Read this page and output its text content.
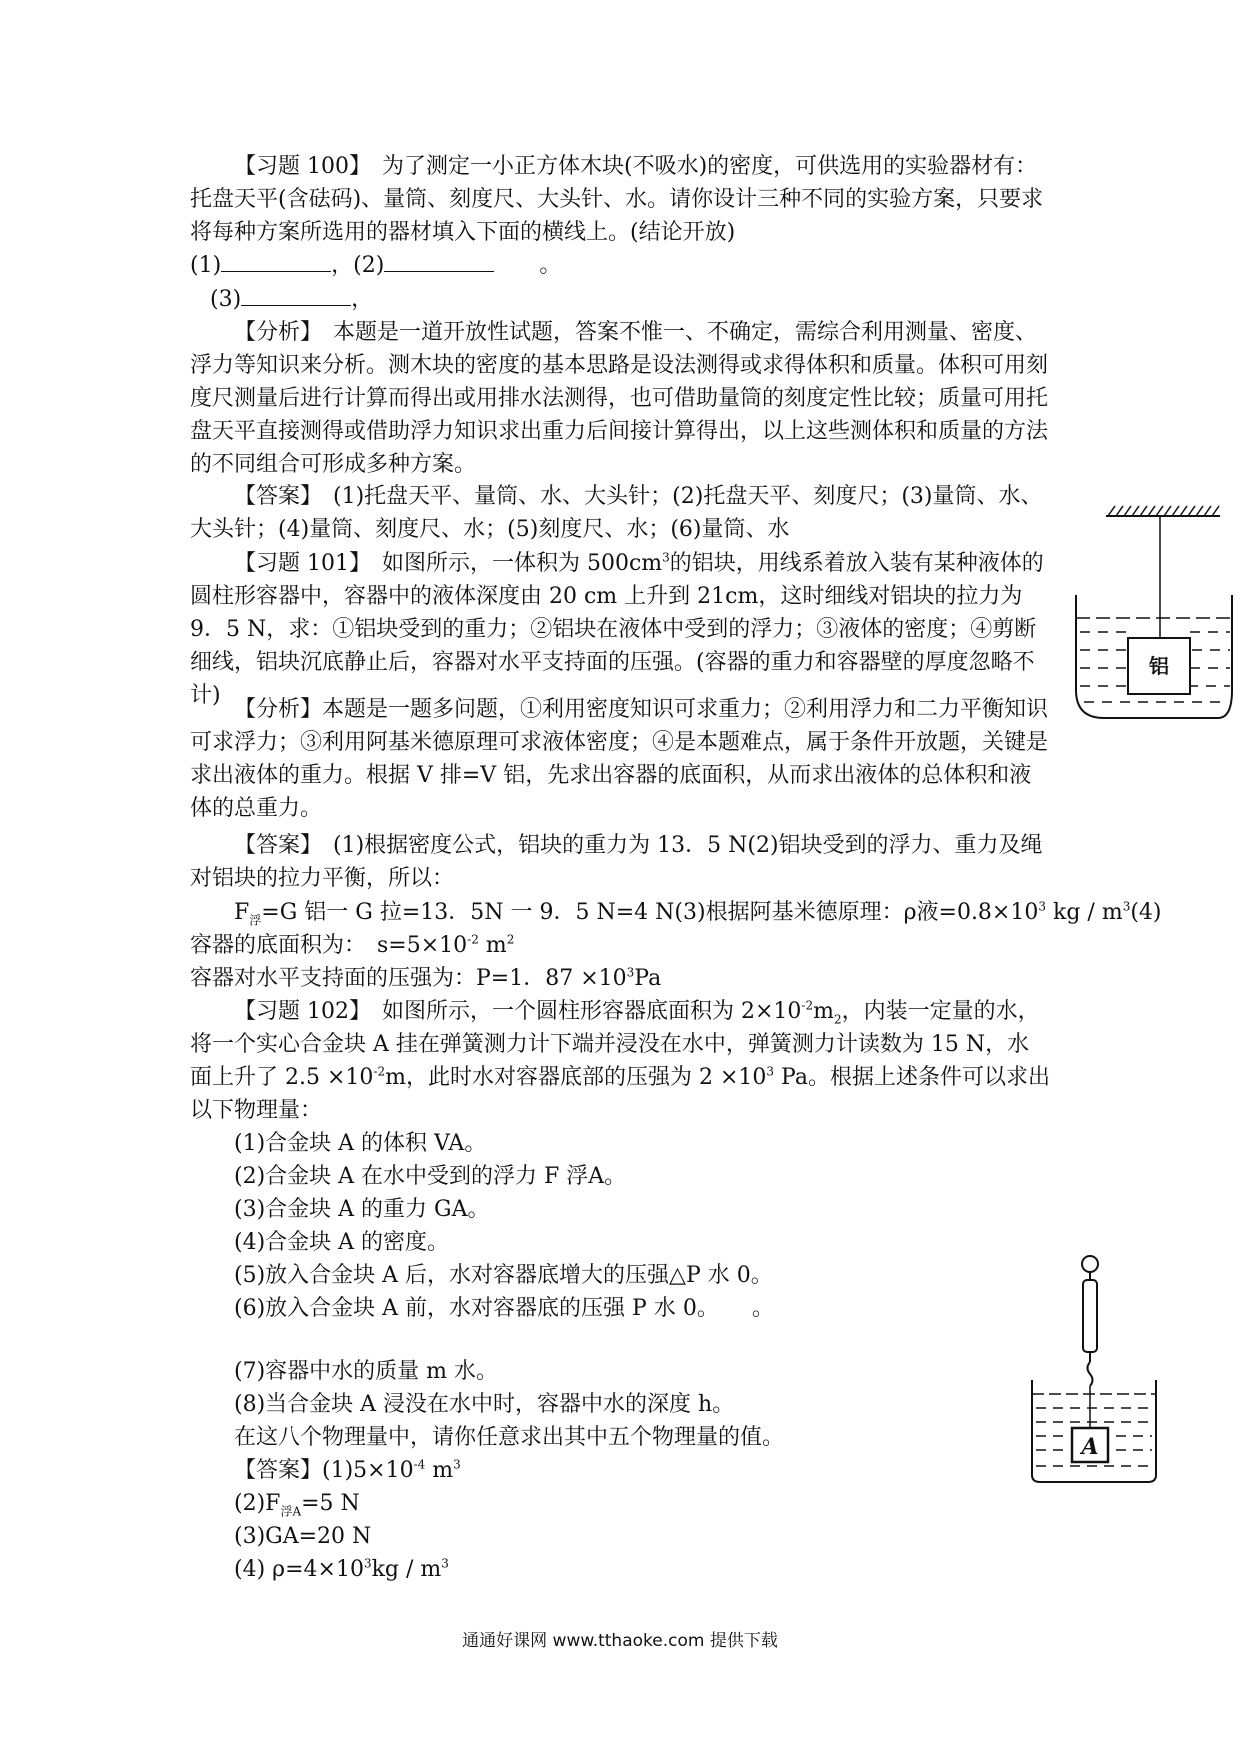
【习题 100】　为了测定一小正方体木块(不吸水)的密度，可供选用的实验器材有：托盘天平(含砝码)、量筒、刻度尺、大头针、水。请你设计三种不同的实验方案，只要求将每种方案所选用的器材填入下面的横线上。(结论开放)

(1)	，(2)	。
(3)	，

【分析】　本题是一道开放性试题，答案不惟一、不确定，需综合利用测量、密度、浮力等知识来分析。测木块的密度的基本思路是设法测得或求得体积和质量。体积可用刻度尺测量后进行计算而得出或用排水法测得，也可借助量筒的刻度定性比较；质量可用托盘天平直接测得或借助浮力知识求出重力后间接计算得出，以上这些测体积和质量的方法的不同组合可形成多种方案。

【答案】　(1)托盘天平、量筒、水、大头针；(2)托盘天平、刻度尺；(3)量筒、水、大头针；(4)量筒、刻度尺、水；(5)刻度尺、水；(6)量筒、水

【习题 101】　如图所示，一体积为 $500cm^3$的铝块，用线系着放入装有某种液体的圆柱形容器中，容器中的液体深度由 20 cm 上升到 21cm，这时细线对铝块的拉力为 9．5 N，求：①铝块受到的重力；②铝块在液体中受到的浮力；③液体的密度；④剪断细线，铝块沉底静止后，容器对水平支持面的压强。(容器的重力和容器壁的厚度忽略不计)

【分析】本题是一题多问题，①利用密度知识可求重力；②利用浮力和二力平衡知识可求浮力；③利用阿基米德原理可求液体密度；④是本题难点，属于条件开放题，关键是求出液体的重力。根据 V 排=V 铝，先求出容器的底面积，从而求出液体的总体积和液体的总重力。

【答案】　(1)根据密度公式，铝块的重力为 13．5 N(2)铝块受到的浮力、重力及绳对铝块的拉力平衡，所以：

$F_浮=G$ 铝一 G 拉=13．5N 一 9．5 N=4 N(3)根据阿基米德原理：ρ液$=0.8\times 10^3$ kg / $m^3(4)$
容器的底面积为：　$s=5\times 10^{-2}$ $m^2$
容器对水平支持面的压强为：P=1．$87 \times 10^3Pa$

【习题 102】　如图所示，一个圆柱形容器底面积为 $2\times 10^{-2}m_2$，内装一定量的水，将一个实心合金块 A 挂在弹簧测力计下端并浸没在水中，弹簧测力计读数为 15 N，水面上升了 $2.5 \times 10^{-2}m$，此时水对容器底部的压强为 $2 \times 10^3$ Pa。根据上述条件可以求出以下物理量：

(1)合金块 A 的体积 VA。
(2)合金块 A 在水中受到的浮力 F 浮A。
(3)合金块 A 的重力 GA。
(4)合金块 A 的密度。
(5)放入合金块 A 后，水对容器底增大的压强△P 水 0。
(6)放入合金块 A 前，水对容器底的压强 P 水 0。　　。
(7)容器中水的质量 m 水。
(8)当合金块 A 浸没在水中时，容器中水的深度 h。
在这八个物理量中，请你任意求出其中五个物理量的值。
【答案】$(1)5\times 10^{-4}$ $m^3$
$(2)F_{浮A}=5$ N
(3)GA=20 N
(4) $\rho=4\times 10^3kg / m^3$
铝
A
通通好课网 www.tthaoke.com 提供下载
